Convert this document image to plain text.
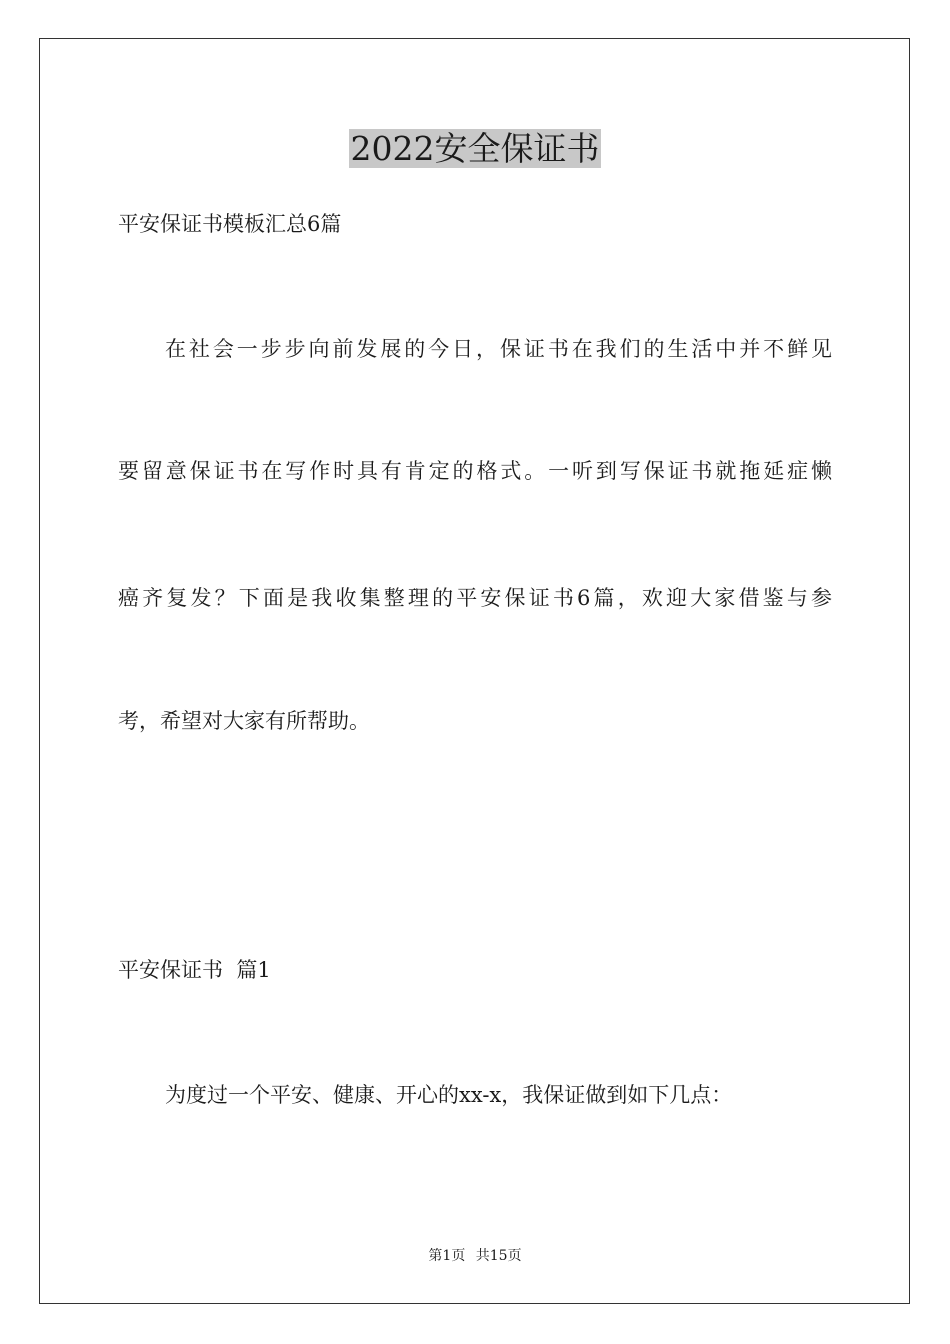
2022安全保证书

平安保证书模板汇总6篇

在社会一步步向前发展的今日，保证书在我们的生活中并不鲜见

要留意保证书在写作时具有肯定的格式。一听到写保证书就拖延症懒

癌齐复发？下面是我收集整理的平安保证书6篇，欢迎大家借鉴与参

考，希望对大家有所帮助。

平安保证书  篇1

为度过一个平安、健康、开心的xx-x，我保证做到如下几点：

第1页 共15页
